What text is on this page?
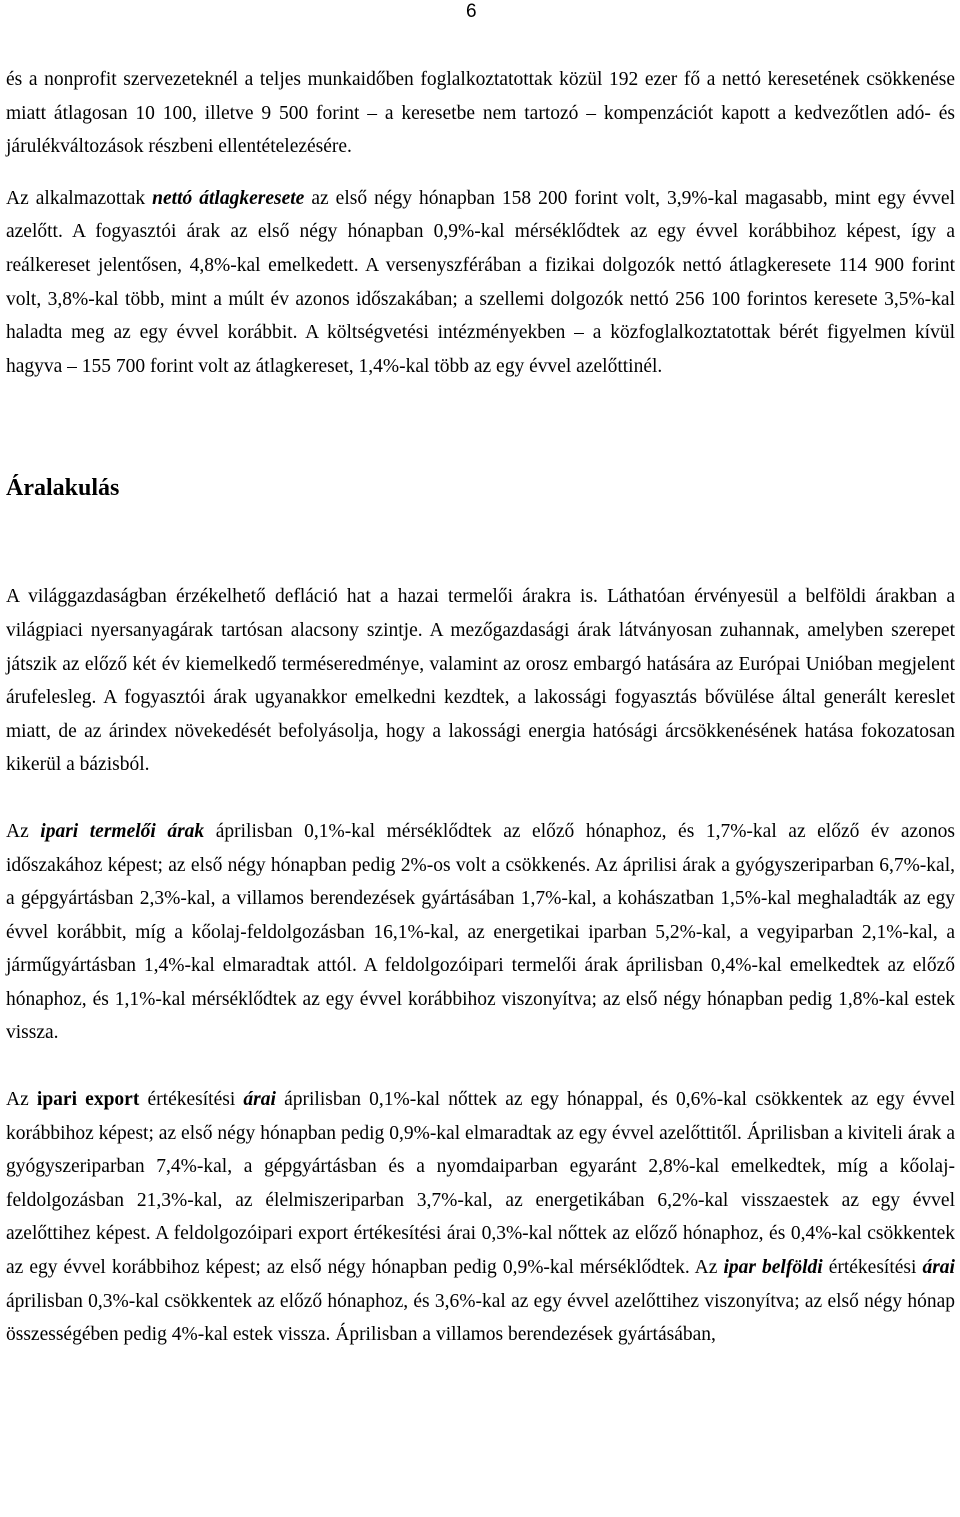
6

és a nonprofit szervezeteknél a teljes munkaidőben foglalkoztatottak közül 192 ezer fő a nettó keresetének csökkenése miatt átlagosan 10 100, illetve 9 500 forint – a keresetbe nem tartozó – kompenzációt kapott a kedvezőtlen adó- és járulékváltozások részbeni ellentételezésére.

Az alkalmazottak nettó átlagkeresete az első négy hónapban 158 200 forint volt, 3,9%-kal magasabb, mint egy évvel azelőtt. A fogyasztói árak az első négy hónapban 0,9%-kal mérséklődtek az egy évvel korábbihoz képest, így a reálkereset jelentősen, 4,8%-kal emelkedett. A versenyszférában a fizikai dolgozók nettó átlagkeresete 114 900 forint volt, 3,8%-kal több, mint a múlt év azonos időszakában; a szellemi dolgozók nettó 256 100 forintos keresete 3,5%-kal haladta meg az egy évvel korábbit. A költségvetési intézményekben – a közfoglalkoztatottak bérét figyelmen kívül hagyva – 155 700 forint volt az átlagkereset, 1,4%-kal több az egy évvel azelőttinél.

Áralakulás

A világgazdaságban érzékelhető defláció hat a hazai termelői árakra is. Láthatóan érvényesül a belföldi árakban a világpiaci nyersanyagárak tartósan alacsony szintje. A mezőgazdasági árak látványosan zuhannak, amelyben szerepet játszik az előző két év kiemelkedő terméseredménye, valamint az orosz embargó hatására az Európai Unióban megjelent árufelesleg. A fogyasztói árak ugyanakkor emelkedni kezdtek, a lakossági fogyasztás bővülése által generált kereslet miatt, de az árindex növekedését befolyásolja, hogy a lakossági energia hatósági árcsökkenésének hatása fokozatosan kikerül a bázisból.

Az ipari termelői árak áprilisban 0,1%-kal mérséklődtek az előző hónaphoz, és 1,7%-kal az előző év azonos időszakához képest; az első négy hónapban pedig 2%-os volt a csökkenés. Az áprilisi árak a gyógyszeriparban 6,7%-kal, a gépgyártásban 2,3%-kal, a villamos berendezések gyártásában 1,7%-kal, a kohászatban 1,5%-kal meghaladták az egy évvel korábbit, míg a kőolaj-feldolgozásban 16,1%-kal, az energetikai iparban 5,2%-kal, a vegyiparban 2,1%-kal, a járműgyártásban 1,4%-kal elmaradtak attól. A feldolgozóipari termelői árak áprilisban 0,4%-kal emelkedtek az előző hónaphoz, és 1,1%-kal mérséklődtek az egy évvel korábbihoz viszonyítva; az első négy hónapban pedig 1,8%-kal estek vissza.

Az ipari export értékesítési árai áprilisban 0,1%-kal nőttek az egy hónappal, és 0,6%-kal csökkentek az egy évvel korábbihoz képest; az első négy hónapban pedig 0,9%-kal elmaradtak az egy évvel azelőttitől. Áprilisban a kiviteli árak a gyógyszeriparban 7,4%-kal, a gépgyártásban és a nyomdaiparban egyaránt 2,8%-kal emelkedtek, míg a kőolaj-feldolgozásban 21,3%-kal, az élelmiszeriparban 3,7%-kal, az energetikában 6,2%-kal visszaestek az egy évvel azelőttihez képest. A feldolgozóipari export értékesítési árai 0,3%-kal nőttek az előző hónaphoz, és 0,4%-kal csökkentek az egy évvel korábbihoz képest; az első négy hónapban pedig 0,9%-kal mérséklődtek. Az ipar belföldi értékesítési árai áprilisban 0,3%-kal csökkentek az előző hónaphoz, és 3,6%-kal az egy évvel azelőttihez viszonyítva; az első négy hónap összességében pedig 4%-kal estek vissza. Áprilisban a villamos berendezések gyártásában,
